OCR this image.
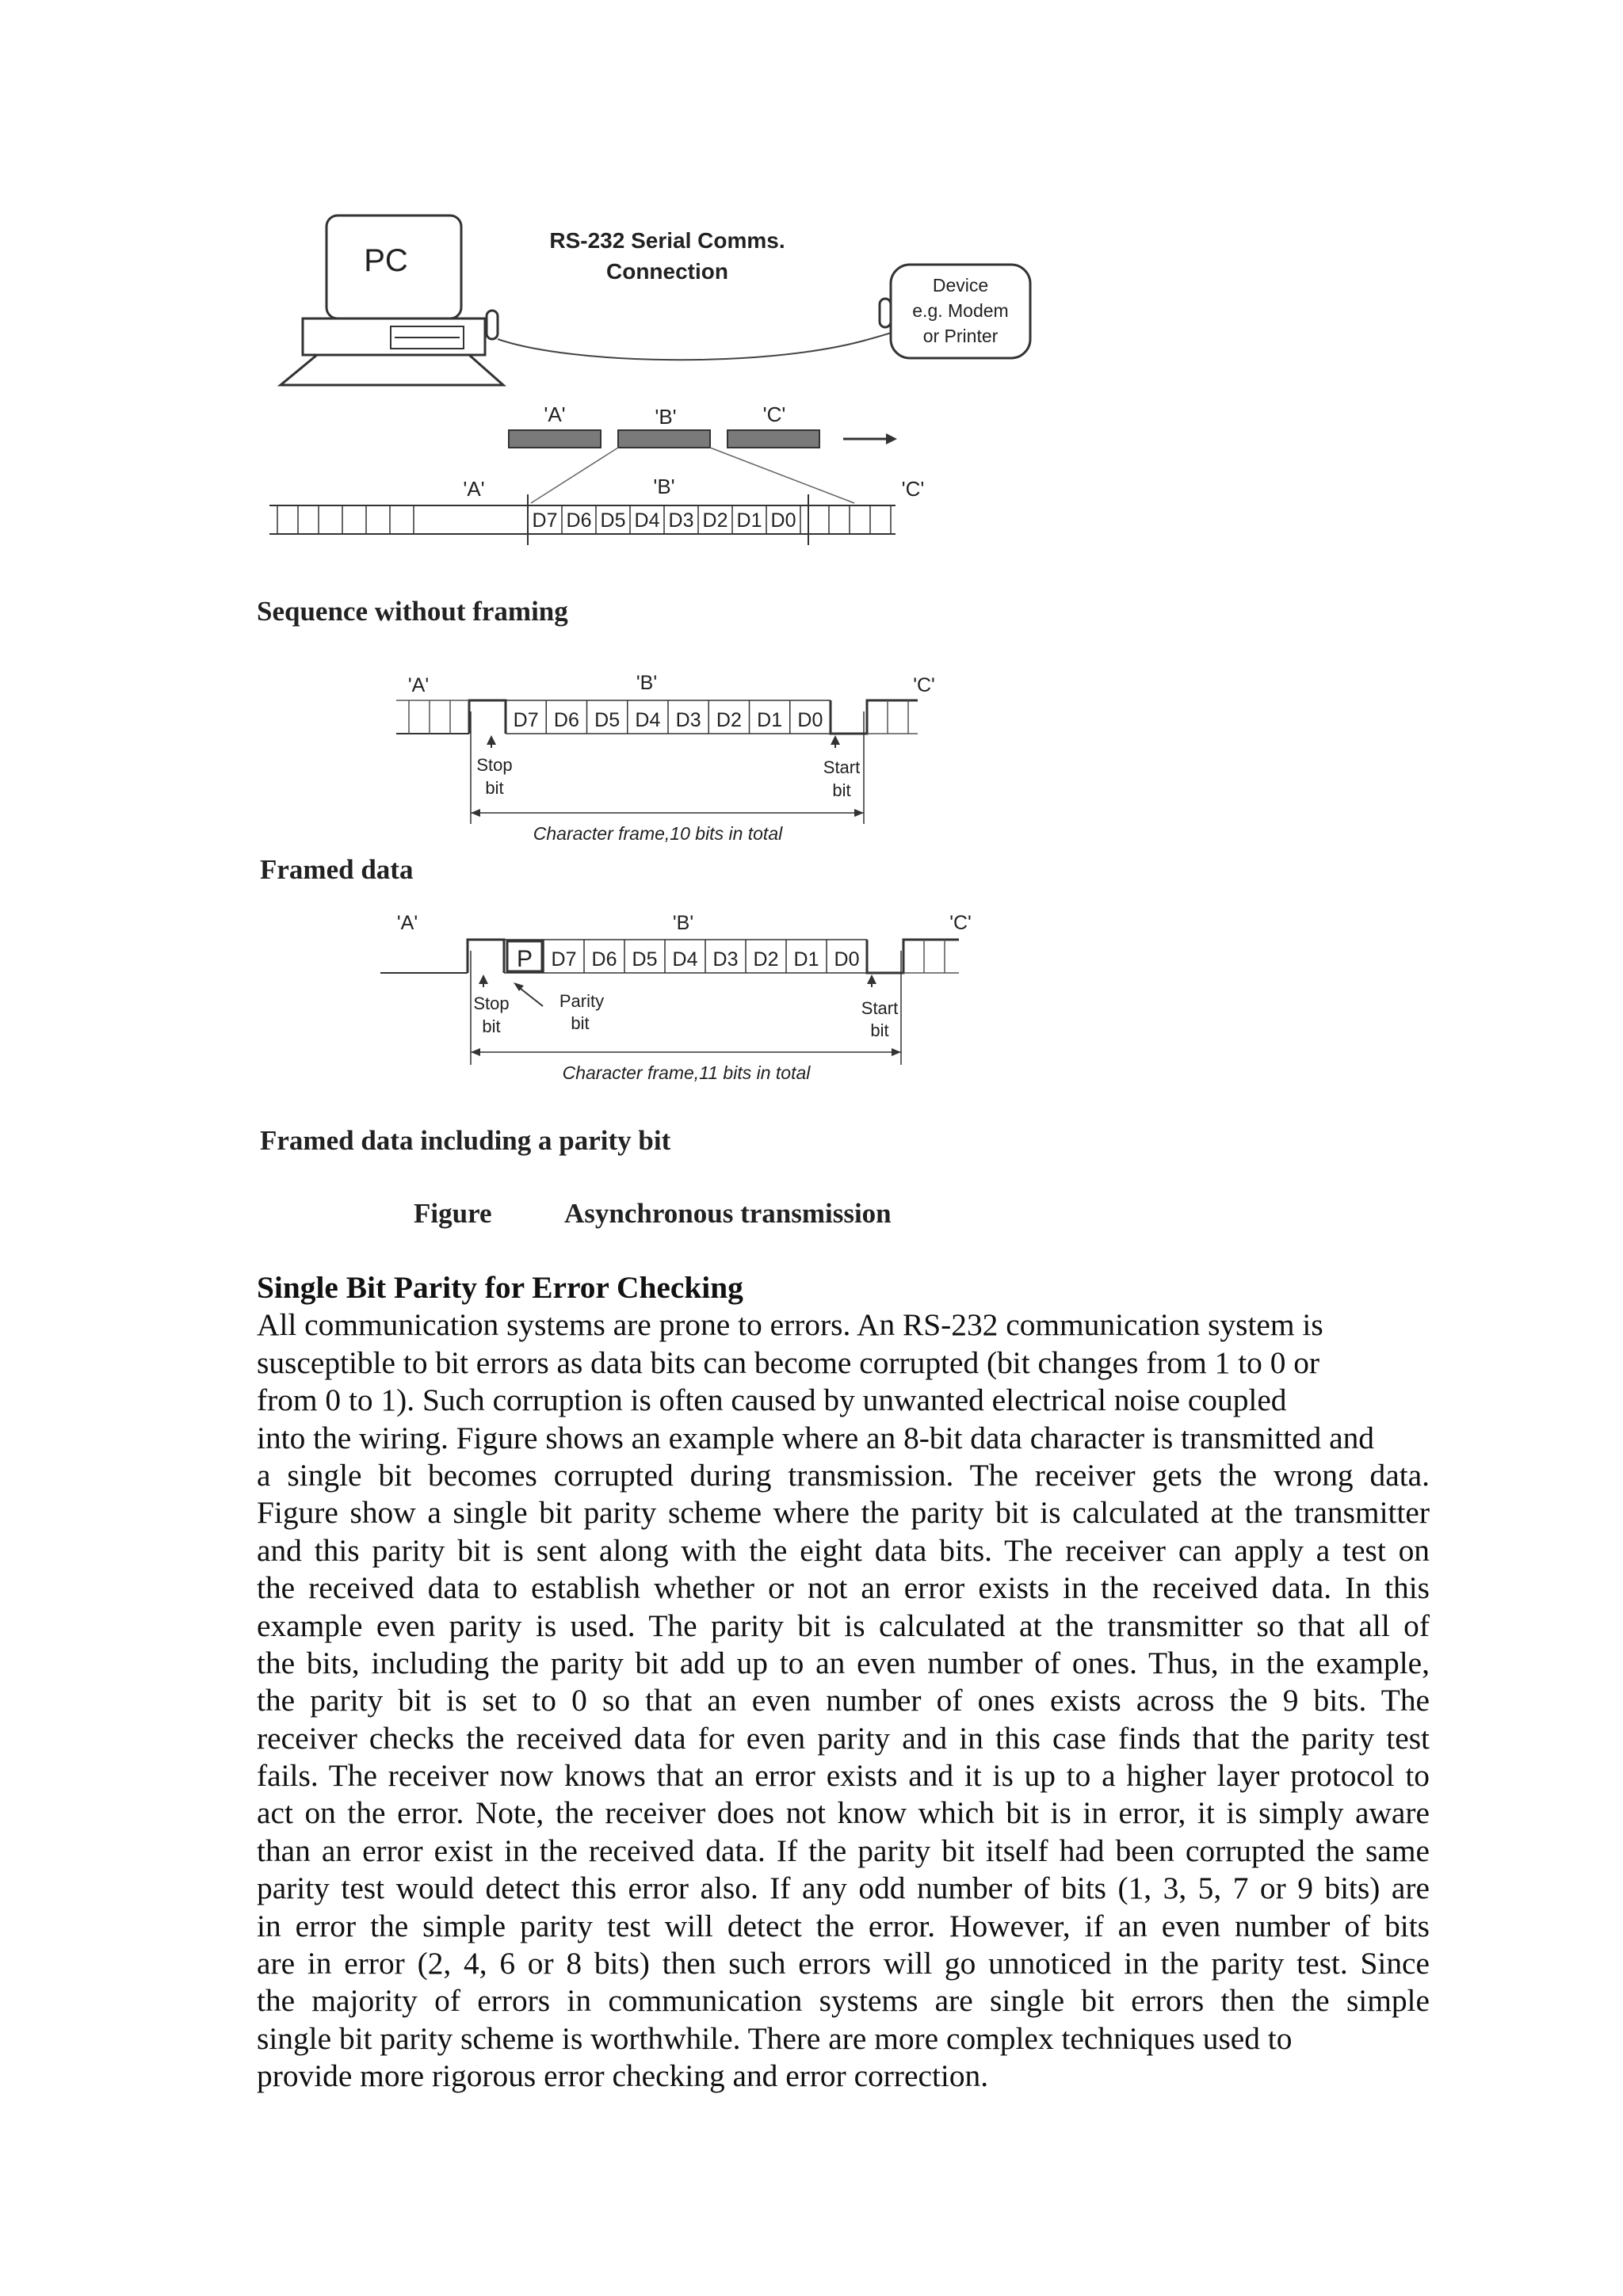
PC
RS-232 Serial Comms.
Connection
Device
e.g. Modem
or Printer
'A'	'B'	'C'
'A'	'B'	'C'
D7 D6 D5 D4 D3 D2 D1 D0
Sequence without framing
'A'	'B'	'C'
D7 D6 D5 D4 D3 D2 D1 D0
Stop
bit
Start
bit
Character frame,10 bits in total
Framed data
'A'	'B'	'C'
P D7 D6 D5 D4 D3 D2 D1 D0
Stop
bit
Parity
bit
Start
bit
Character frame,11 bits in total
Framed data including a parity bit
Figure	Asynchronous transmission
Single Bit Parity for Error Checking
All communication systems are prone to errors. An RS-232 communication system is
susceptible to bit errors as data bits can become corrupted (bit changes from 1 to 0 or
from 0 to 1). Such corruption is often caused by unwanted electrical noise coupled
into the wiring. Figure shows an example where an 8-bit data character is transmitted and
a single bit becomes corrupted during transmission. The receiver gets the wrong data.
Figure show a single bit parity scheme where the parity bit is calculated at the transmitter
and this parity bit is sent along with the eight data bits. The receiver can apply a test on
the received data to establish whether or not an error exists in the received data. In this
example even parity is used. The parity bit is calculated at the transmitter so that all of
the bits, including the parity bit add up to an even number of ones. Thus, in the example,
the parity bit is set to 0 so that an even number of ones exists across the 9 bits. The
receiver checks the received data for even parity and in this case finds that the parity test
fails. The receiver now knows that an error exists and it is up to a higher layer protocol to
act on the error. Note, the receiver does not know which bit is in error, it is simply aware
than an error exist in the received data. If the parity bit itself had been corrupted the same
parity test would detect this error also. If any odd number of bits (1, 3, 5, 7 or 9 bits) are
in error the simple parity test will detect the error. However, if an even number of bits
are in error (2, 4, 6 or 8 bits) then such errors will go unnoticed in the parity test. Since
the majority of errors in communication systems are single bit errors then the simple
single bit parity scheme is worthwhile. There are more complex techniques used to
provide more rigorous error checking and error correction.
